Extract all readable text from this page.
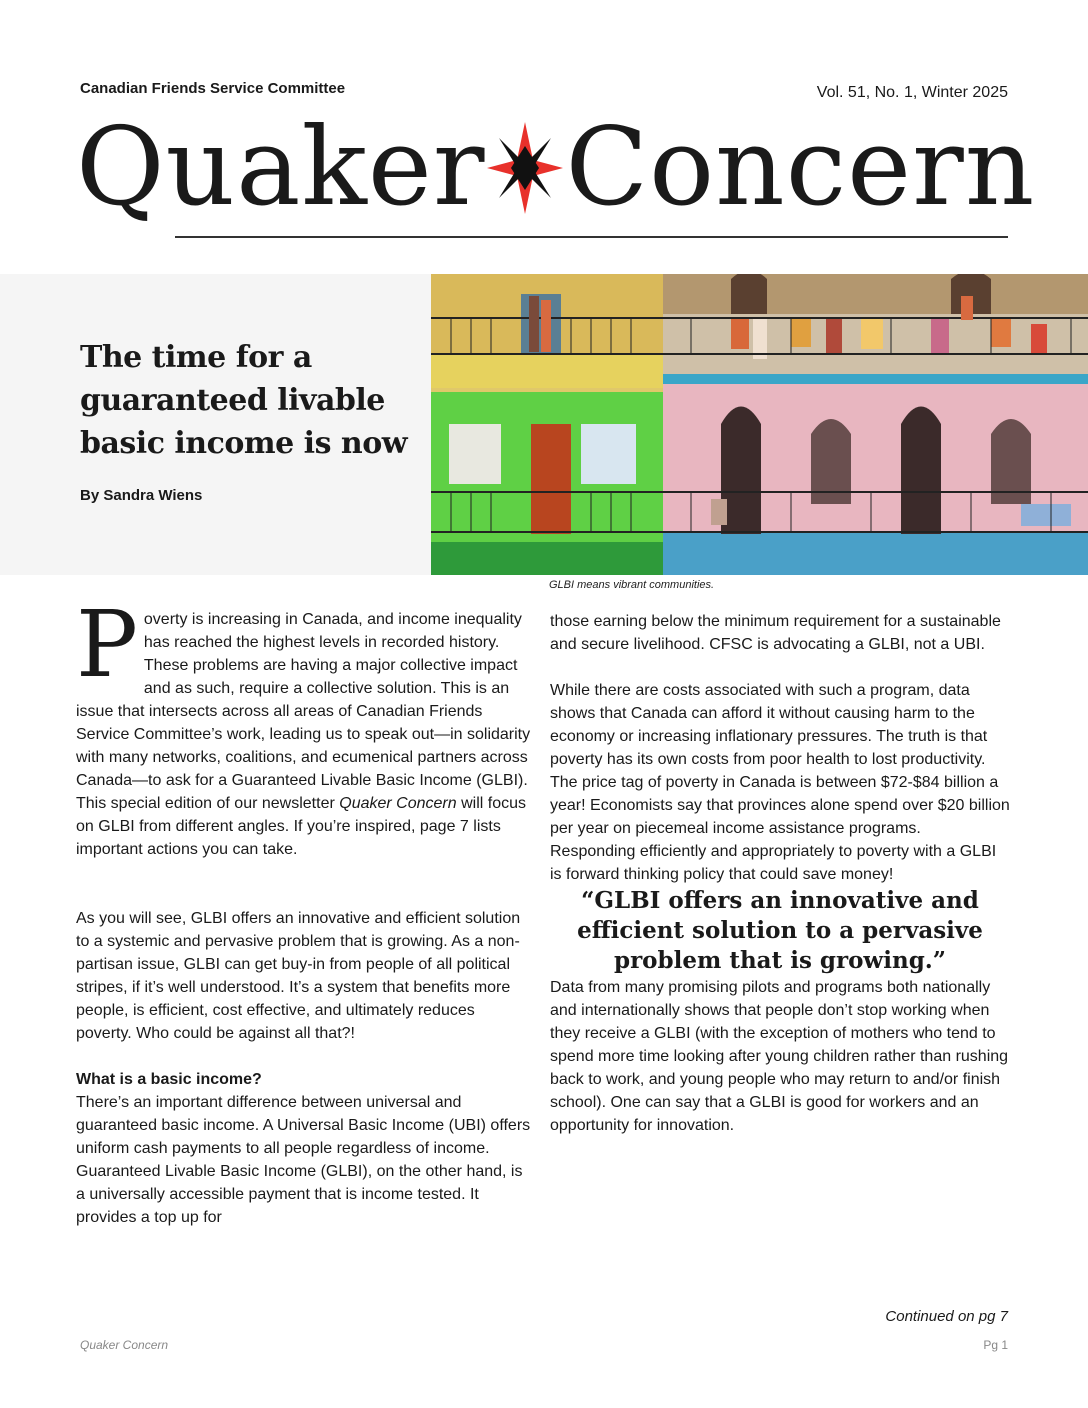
Canadian Friends Service Committee	Vol. 51, No. 1, Winter 2025
Quaker Concern
The time for a guaranteed livable basic income is now
By Sandra Wiens
GLBI means vibrant communities.

Poverty is increasing in Canada, and income inequality has reached the highest levels in recorded history. These problems are having a major collective impact and as such, require a collective solution. This is an issue that intersects across all areas of Canadian Friends Service Committee’s work, leading us to speak out—in solidarity with many networks, coalitions, and ecumenical partners across Canada—to ask for a Guaranteed Livable Basic Income (GLBI). This special edition of our newsletter Quaker Concern will focus on GLBI from different angles. If you’re inspired, page 7 lists important actions you can take.

As you will see, GLBI offers an innovative and efficient solution to a systemic and pervasive problem that is growing. As a non-partisan issue, GLBI can get buy-in from people of all political stripes, if it’s well understood. It’s a system that benefits more people, is efficient, cost effective, and ultimately reduces poverty. Who could be against all that?!

What is a basic income?

There’s an important difference between universal and guaranteed basic income. A Universal Basic Income (UBI) offers uniform cash payments to all people regardless of income. Guaranteed Livable Basic Income (GLBI), on the other hand, is a universally accessible payment that is income tested. It provides a top up for

those earning below the minimum requirement for a sustainable and secure livelihood. CFSC is advocating a GLBI, not a UBI.

While there are costs associated with such a program, data shows that Canada can afford it without causing harm to the economy or increasing inflationary pressures. The truth is that poverty has its own costs from poor health to lost productivity. The price tag of poverty in Canada is between $72-$84 billion a year! Economists say that provinces alone spend over $20 billion per year on piecemeal income assistance programs. Responding efficiently and appropriately to poverty with a GLBI is forward thinking policy that could save money!

“GLBI offers an innovative and efficient solution to a pervasive problem that is growing.”

Data from many promising pilots and programs both nationally and internationally shows that people don’t stop working when they receive a GLBI (with the exception of mothers who tend to spend more time looking after young children rather than rushing back to work, and young people who may return to and/or finish school). One can say that a GLBI is good for workers and an opportunity for innovation.

Continued on pg 7
Quaker Concern	Pg 1
